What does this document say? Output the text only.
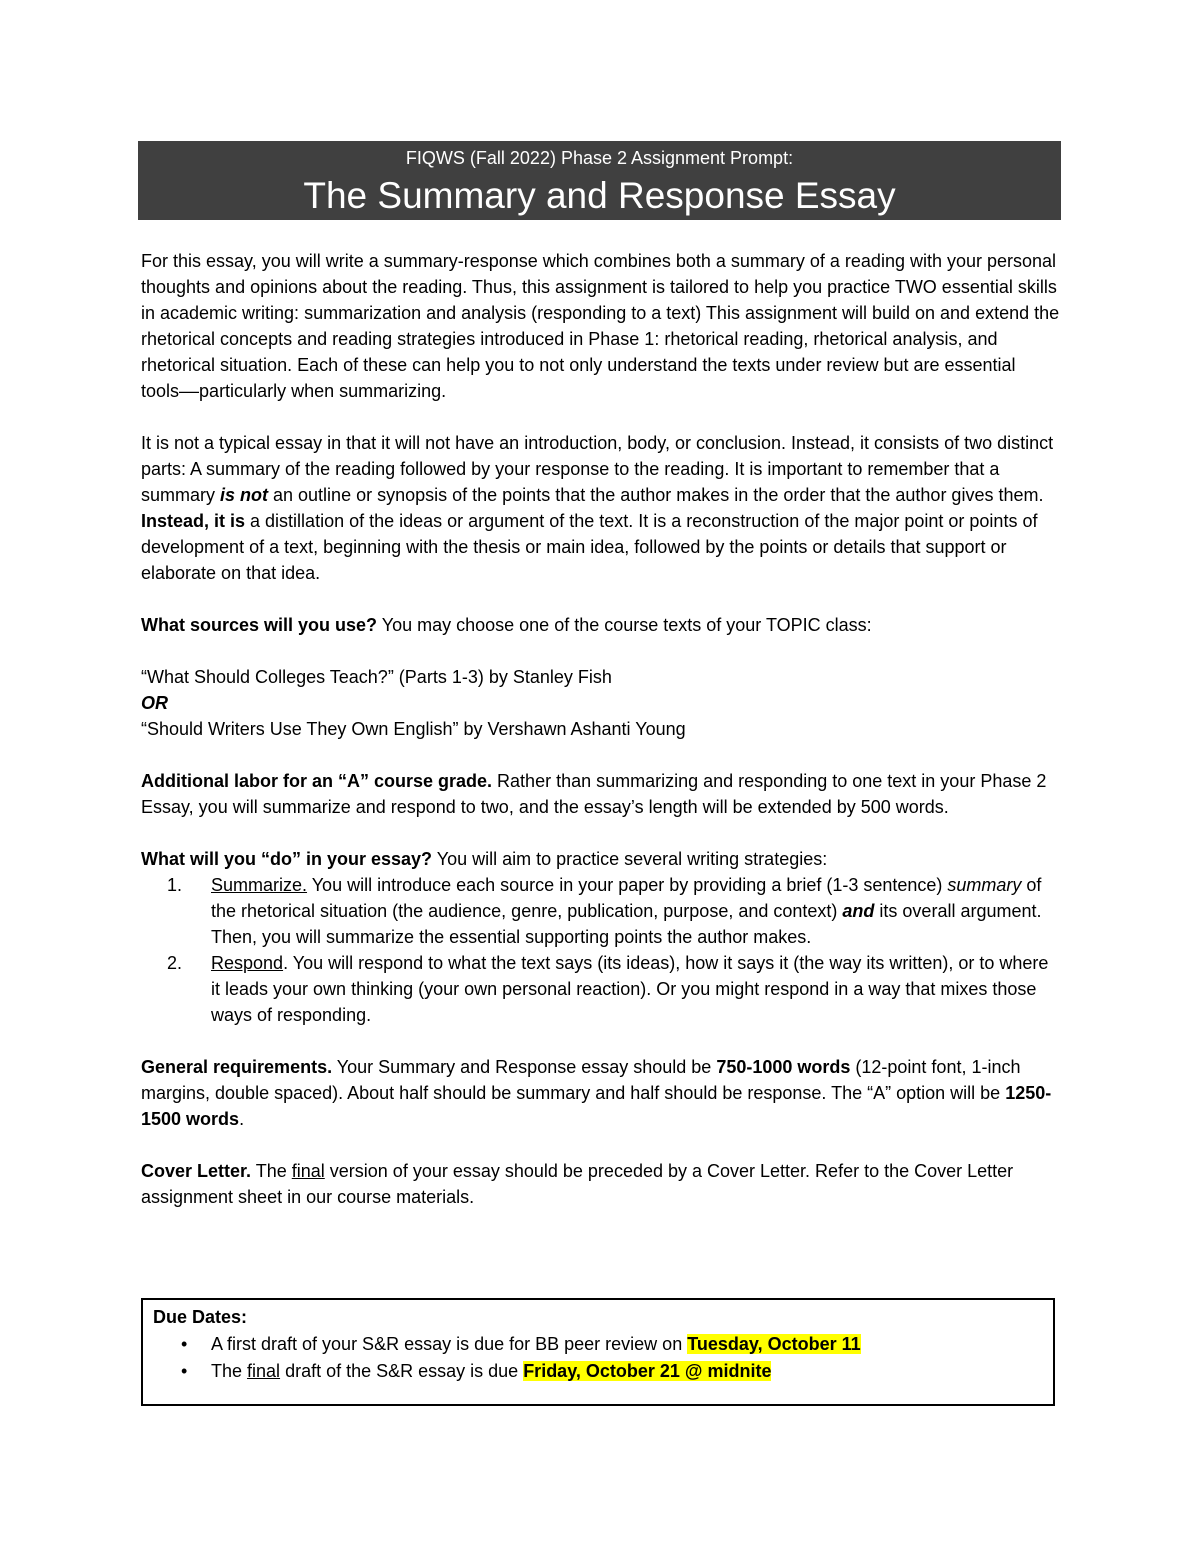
FIQWS (Fall 2022) Phase 2 Assignment Prompt:
The Summary and Response Essay

For this essay, you will write a summary-response which combines both a summary of a reading with your personal thoughts and opinions about the reading. Thus, this assignment is tailored to help you practice TWO essential skills in academic writing: summarization and analysis (responding to a text) This assignment will build on and extend the rhetorical concepts and reading strategies introduced in Phase 1: rhetorical reading, rhetorical analysis, and rhetorical situation. Each of these can help you to not only understand the texts under review but are essential tools––particularly when summarizing.

It is not a typical essay in that it will not have an introduction, body, or conclusion. Instead, it consists of two distinct parts: A summary of the reading followed by your response to the reading. It is important to remember that a summary is not an outline or synopsis of the points that the author makes in the order that the author gives them. Instead, it is a distillation of the ideas or argument of the text. It is a reconstruction of the major point or points of development of a text, beginning with the thesis or main idea, followed by the points or details that support or elaborate on that idea.

What sources will you use? You may choose one of the course texts of your TOPIC class:

“What Should Colleges Teach?” (Parts 1-3) by Stanley Fish

OR

“Should Writers Use They Own English” by Vershawn Ashanti Young

Additional labor for an “A” course grade. Rather than summarizing and responding to one text in your Phase 2 Essay, you will summarize and respond to two, and the essay’s length will be extended by 500 words.

What will you “do” in your essay? You will aim to practice several writing strategies:

1. Summarize. You will introduce each source in your paper by providing a brief (1-3 sentence) summary of the rhetorical situation (the audience, genre, publication, purpose, and context) and its overall argument. Then, you will summarize the essential supporting points the author makes.
2. Respond. You will respond to what the text says (its ideas), how it says it (the way its written), or to where it leads your own thinking (your own personal reaction). Or you might respond in a way that mixes those ways of responding.

General requirements. Your Summary and Response essay should be 750-1000 words (12-point font, 1-inch margins, double spaced). About half should be summary and half should be response. The “A” option will be 1250-1500 words.

Cover Letter. The final version of your essay should be preceded by a Cover Letter. Refer to the Cover Letter assignment sheet in our course materials.

Due Dates:
• A first draft of your S&R essay is due for BB peer review on Tuesday, October 11
• The final draft of the S&R essay is due Friday, October 21 @ midnite
